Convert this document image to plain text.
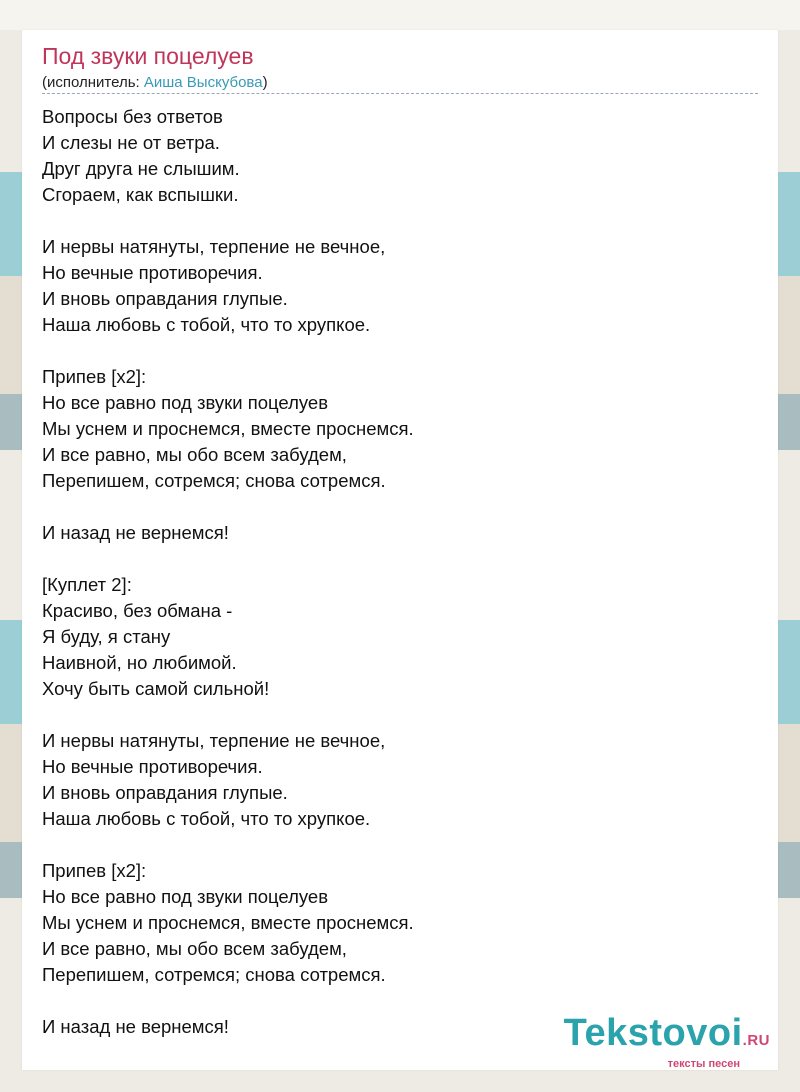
Под звуки поцелуев
(исполнитель: Аиша Выскубова)
Вопросы без ответов
И слезы не от ветра.
Друг друга не слышим.
Сгораем, как вспышки.
И нервы натянуты, терпение не вечное,
Но вечные противоречия.
И вновь оправдания глупые.
Наша любовь с тобой, что то хрупкое.
Припев [x2]:
Но все равно под звуки поцелуев
Мы уснем и проснемся, вместе проснемся.
И все равно, мы обо всем забудем,
Перепишем, сотремся; снова сотремся.
И назад не вернемся!
[Куплет 2]:
Красиво, без обмана -
Я буду, я стану
Наивной, но любимой.
Хочу быть самой сильной!
И нервы натянуты, терпение не вечное,
Но вечные противоречия.
И вновь оправдания глупые.
Наша любовь с тобой, что то хрупкое.
Припев [x2]:
Но все равно под звуки поцелуев
Мы уснем и проснемся, вместе проснемся.
И все равно, мы обо всем забудем,
Перепишем, сотремся; снова сотремся.
И назад не вернемся!	Tekstovoi.RU
тексты песен
